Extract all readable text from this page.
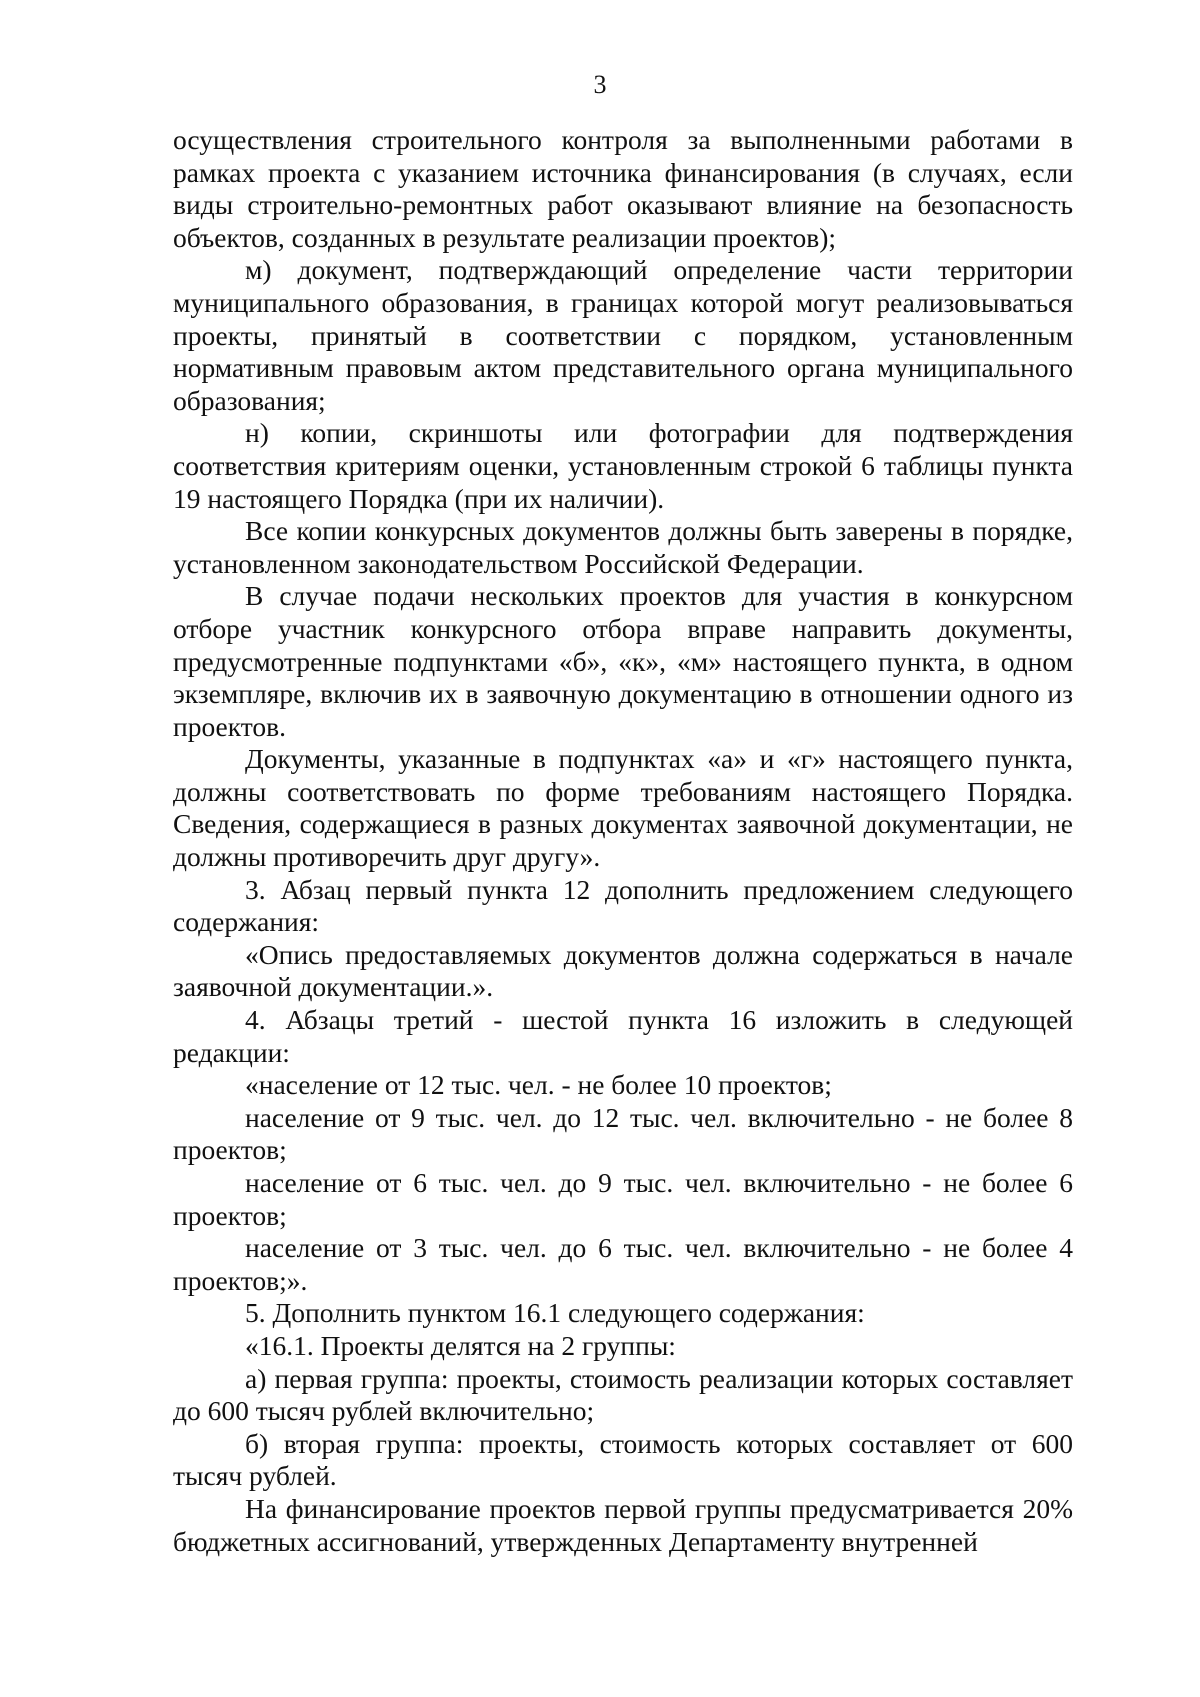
3

осуществления строительного контроля за выполненными работами в рамках проекта с указанием источника финансирования (в случаях, если виды строительно-ремонтных работ оказывают влияние на безопасность объектов, созданных в результате реализации проектов);

м) документ, подтверждающий определение части территории муниципального образования, в границах которой могут реализовываться проекты, принятый в соответствии с порядком, установленным нормативным правовым актом представительного органа муниципального образования;

н) копии, скриншоты или фотографии для подтверждения соответствия критериям оценки, установленным строкой 6 таблицы пункта 19 настоящего Порядка (при их наличии).

Все копии конкурсных документов должны быть заверены в порядке, установленном законодательством Российской Федерации.

В случае подачи нескольких проектов для участия в конкурсном отборе участник конкурсного отбора вправе направить документы, предусмотренные подпунктами «б», «к», «м» настоящего пункта, в одном экземпляре, включив их в заявочную документацию в отношении одного из проектов.

Документы, указанные в подпунктах «а» и «г» настоящего пункта, должны соответствовать по форме требованиям настоящего Порядка. Сведения, содержащиеся в разных документах заявочной документации, не должны противоречить друг другу».

3. Абзац первый пункта 12 дополнить предложением следующего содержания:

«Опись предоставляемых документов должна содержаться в начале заявочной документации.».

4. Абзацы третий - шестой пункта 16 изложить в следующей редакции:

«население от 12 тыс. чел. - не более 10 проектов;

население от 9 тыс. чел. до 12 тыс. чел. включительно - не более 8 проектов;

население от 6 тыс. чел. до 9 тыс. чел. включительно - не более 6 проектов;

население от 3 тыс. чел. до 6 тыс. чел. включительно - не более 4 проектов;».

5. Дополнить пунктом 16.1 следующего содержания:

«16.1. Проекты делятся на 2 группы:

а) первая группа: проекты, стоимость реализации которых составляет до 600 тысяч рублей включительно;

б) вторая группа: проекты, стоимость которых составляет от 600 тысяч рублей.

На финансирование проектов первой группы предусматривается 20% бюджетных ассигнований, утвержденных Департаменту внутренней
